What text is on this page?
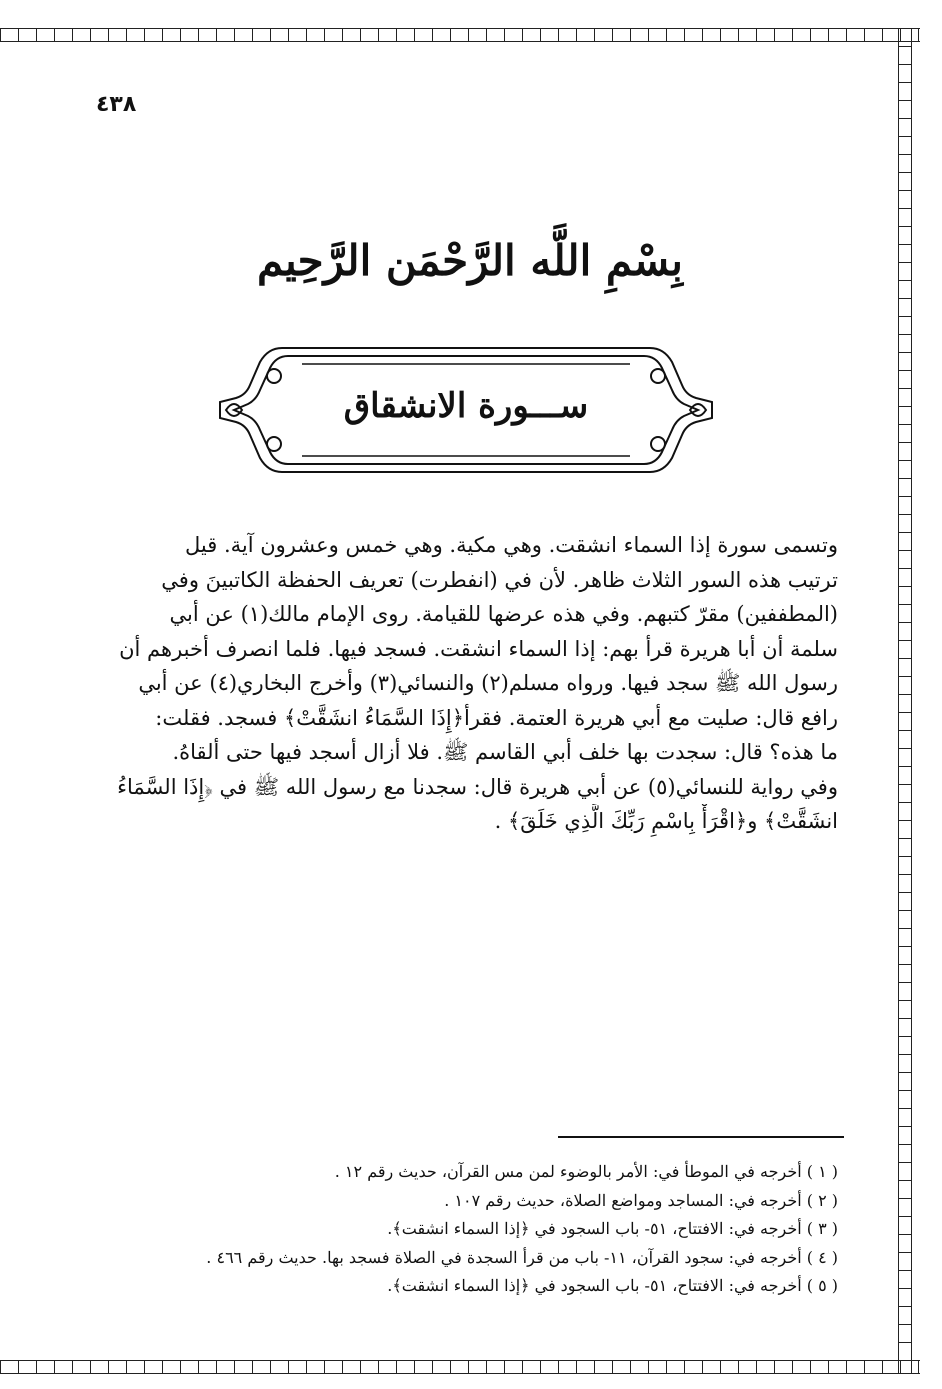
٤٣٨
بِسْمِ اللَّه الرَّحْمَن الرَّحِيم
ســـورة الانشقاق
وتسمى سورة إذا السماء انشقت. وهي مكية. وهي خمس وعشرون آية. قيل
ترتيب هذه السور الثلاث ظاهر. لأن في (انفطرت) تعريف الحفظة الكاتبينَ وفي
(المطففين) مقرّ كتبهم. وفي هذه عرضها للقيامة. روى الإمام مالك(١) عن أبي
سلمة أن أبا هريرة قرأ بهم: إذا السماء انشقت. فسجد فيها. فلما انصرف أخبرهم أن
رسول الله ﷺ سجد فيها. ورواه مسلم(٢) والنسائي(٣) وأخرج البخاري(٤) عن أبي
رافع قال: صليت مع أبي هريرة العتمة. فقرأ﴿إِذَا السَّمَاءُ انشَقَّتْ﴾ فسجد. فقلت:
ما هذه؟ قال: سجدت بها خلف أبي القاسم ﷺ. فلا أزال أسجد فيها حتى ألقاهُ.
وفي رواية للنسائي(٥) عن أبي هريرة قال: سجدنا مع رسول الله ﷺ في ﴿إِذَا السَّمَاءُ
انشَقَّتْ﴾ و﴿اقْرَأْ بِاسْمِ رَبِّكَ الَّذِي خَلَقَ﴾ .
( ١ ) أخرجه في الموطأ في: الأمر بالوضوء لمن مس القرآن، حديث رقم ١٢ .
( ٢ ) أخرجه في: المساجد ومواضع الصلاة، حديث رقم ١٠٧ .
( ٣ ) أخرجه في: الافتتاح، ٥١- باب السجود في ﴿إذا السماء انشقت﴾.
( ٤ ) أخرجه في: سجود القرآن، ١١- باب من قرأ السجدة في الصلاة فسجد بها. حديث رقم ٤٦٦ .
( ٥ ) أخرجه في: الافتتاح، ٥١- باب السجود في ﴿إذا السماء انشقت﴾.
